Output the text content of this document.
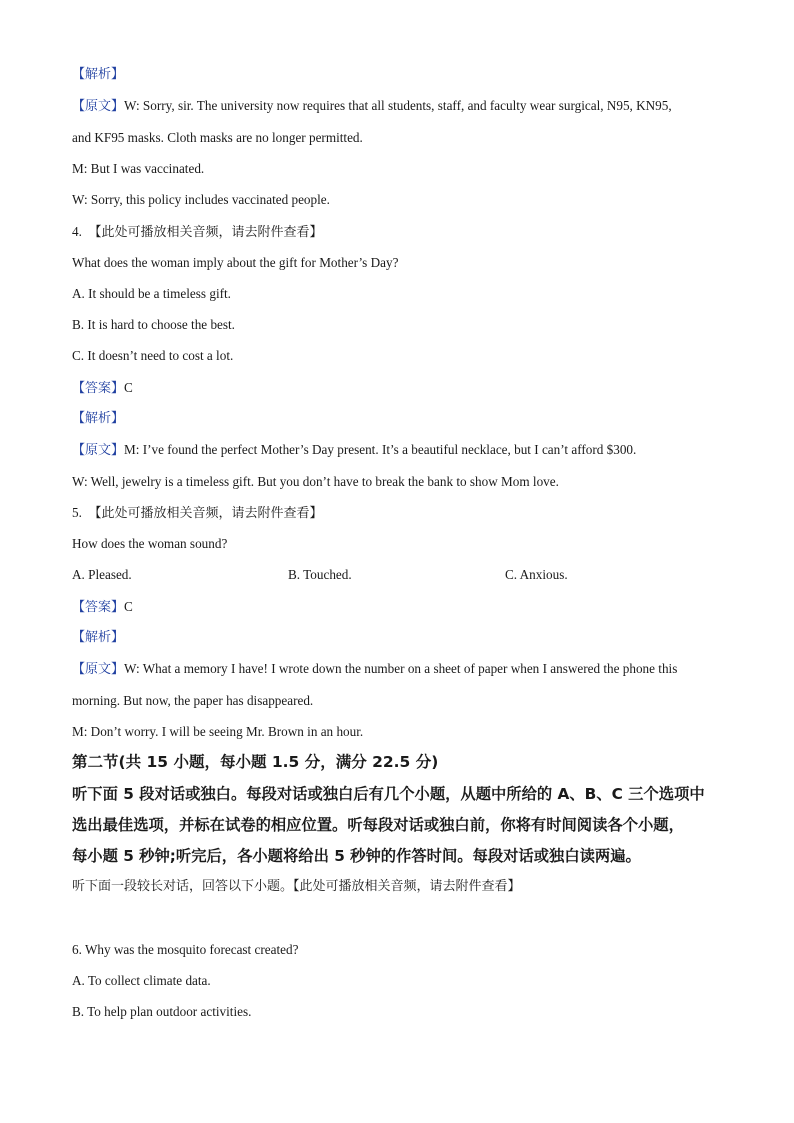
【解析】
【原文】W: Sorry, sir. The university now requires that all students, staff, and faculty wear surgical, N95, KN95,
and KF95 masks. Cloth masks are no longer permitted.
M: But I was vaccinated.
W: Sorry, this policy includes vaccinated people.
4. 【此处可播放相关音频，请去附件查看】
What does the woman imply about the gift for Mother’s Day?
A. It should be a timeless gift.
B. It is hard to choose the best.
C. It doesn’t need to cost a lot.
【答案】C
【解析】
【原文】M: I’ve found the perfect Mother’s Day present. It’s a beautiful necklace, but I can’t afford $300.
W: Well, jewelry is a timeless gift. But you don’t have to break the bank to show Mom love.
5. 【此处可播放相关音频，请去附件查看】
How does the woman sound?
A. Pleased.	B. Touched.	C. Anxious.
【答案】C
【解析】
【原文】W: What a memory I have! I wrote down the number on a sheet of paper when I answered the phone this
morning. But now, the paper has disappeared.
M: Don’t worry. I will be seeing Mr. Brown in an hour.
第二节(共 15 小题，每小题 1.5 分，满分 22.5 分)
听下面 5 段对话或独白。每段对话或独白后有几个小题，从题中所给的 A、B、C 三个选项中
选出最佳选项，并标在试卷的相应位置。听每段对话或独白前，你将有时间阅读各个小题，
每小题 5 秒钟;听完后，各小题将给出 5 秒钟的作答时间。每段对话或独白读两遍。
听下面一段较长对话，回答以下小题。【此处可播放相关音频，请去附件查看】
6. Why was the mosquito forecast created?
A. To collect climate data.
B. To help plan outdoor activities.
